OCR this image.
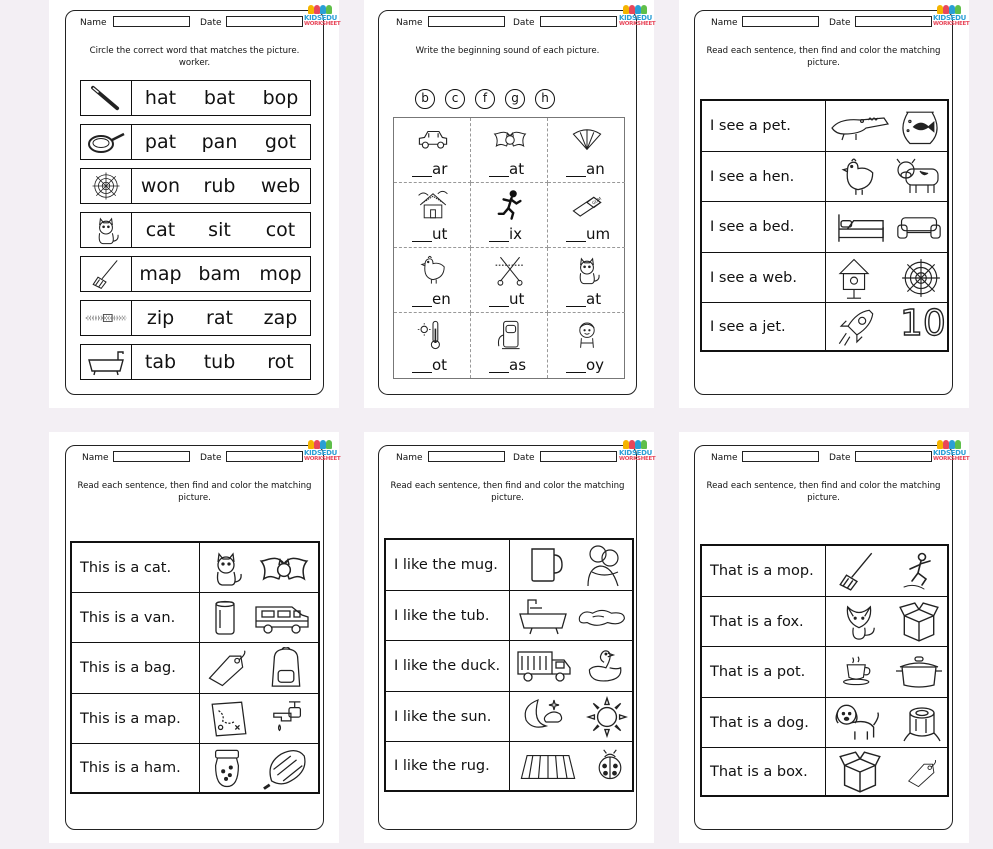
Name	Date	KIDSEDU
WORKSHEET
Circle the correct word that matches the picture.
worker.
hat	bat	bop
pat	pan	got
won	rub	web
cat	sit	cot
map bam mop
zip	rat	zap
tab	tub	rot
Name	Date	KIDSEDU
WORKSHEET
Write the beginning sound of each picture.
b	c	f	g	h
ar	at	an
ut	ix	um
en	ut	at
ot	as	oy
Name	Date	KIDSEDU
WORKSHEET
Read each sentence, then find and color the matching
picture.
I see a pet.
I see a hen.
I see a bed.
I see a web.
I see a jet.	10
Name	Date	KIDSEDU
WORKSHEET
Read each sentence, then find and color the matching
picture.
This is a cat.
This is a van.
This is a bag.
This is a map.
This is a ham.
Name	Date	KIDSEDU
WORKSHEET
Read each sentence, then find and color the matching
picture.
I like the mug.
I like the tub.
I like the duck.
I like the sun.
I like the rug.
Name	Date	KIDSEDU
WORKSHEET
Read each sentence, then find and color the matching
picture.
That is a mop.
That is a fox.
That is a pot.
That is a dog.
That is a box.
